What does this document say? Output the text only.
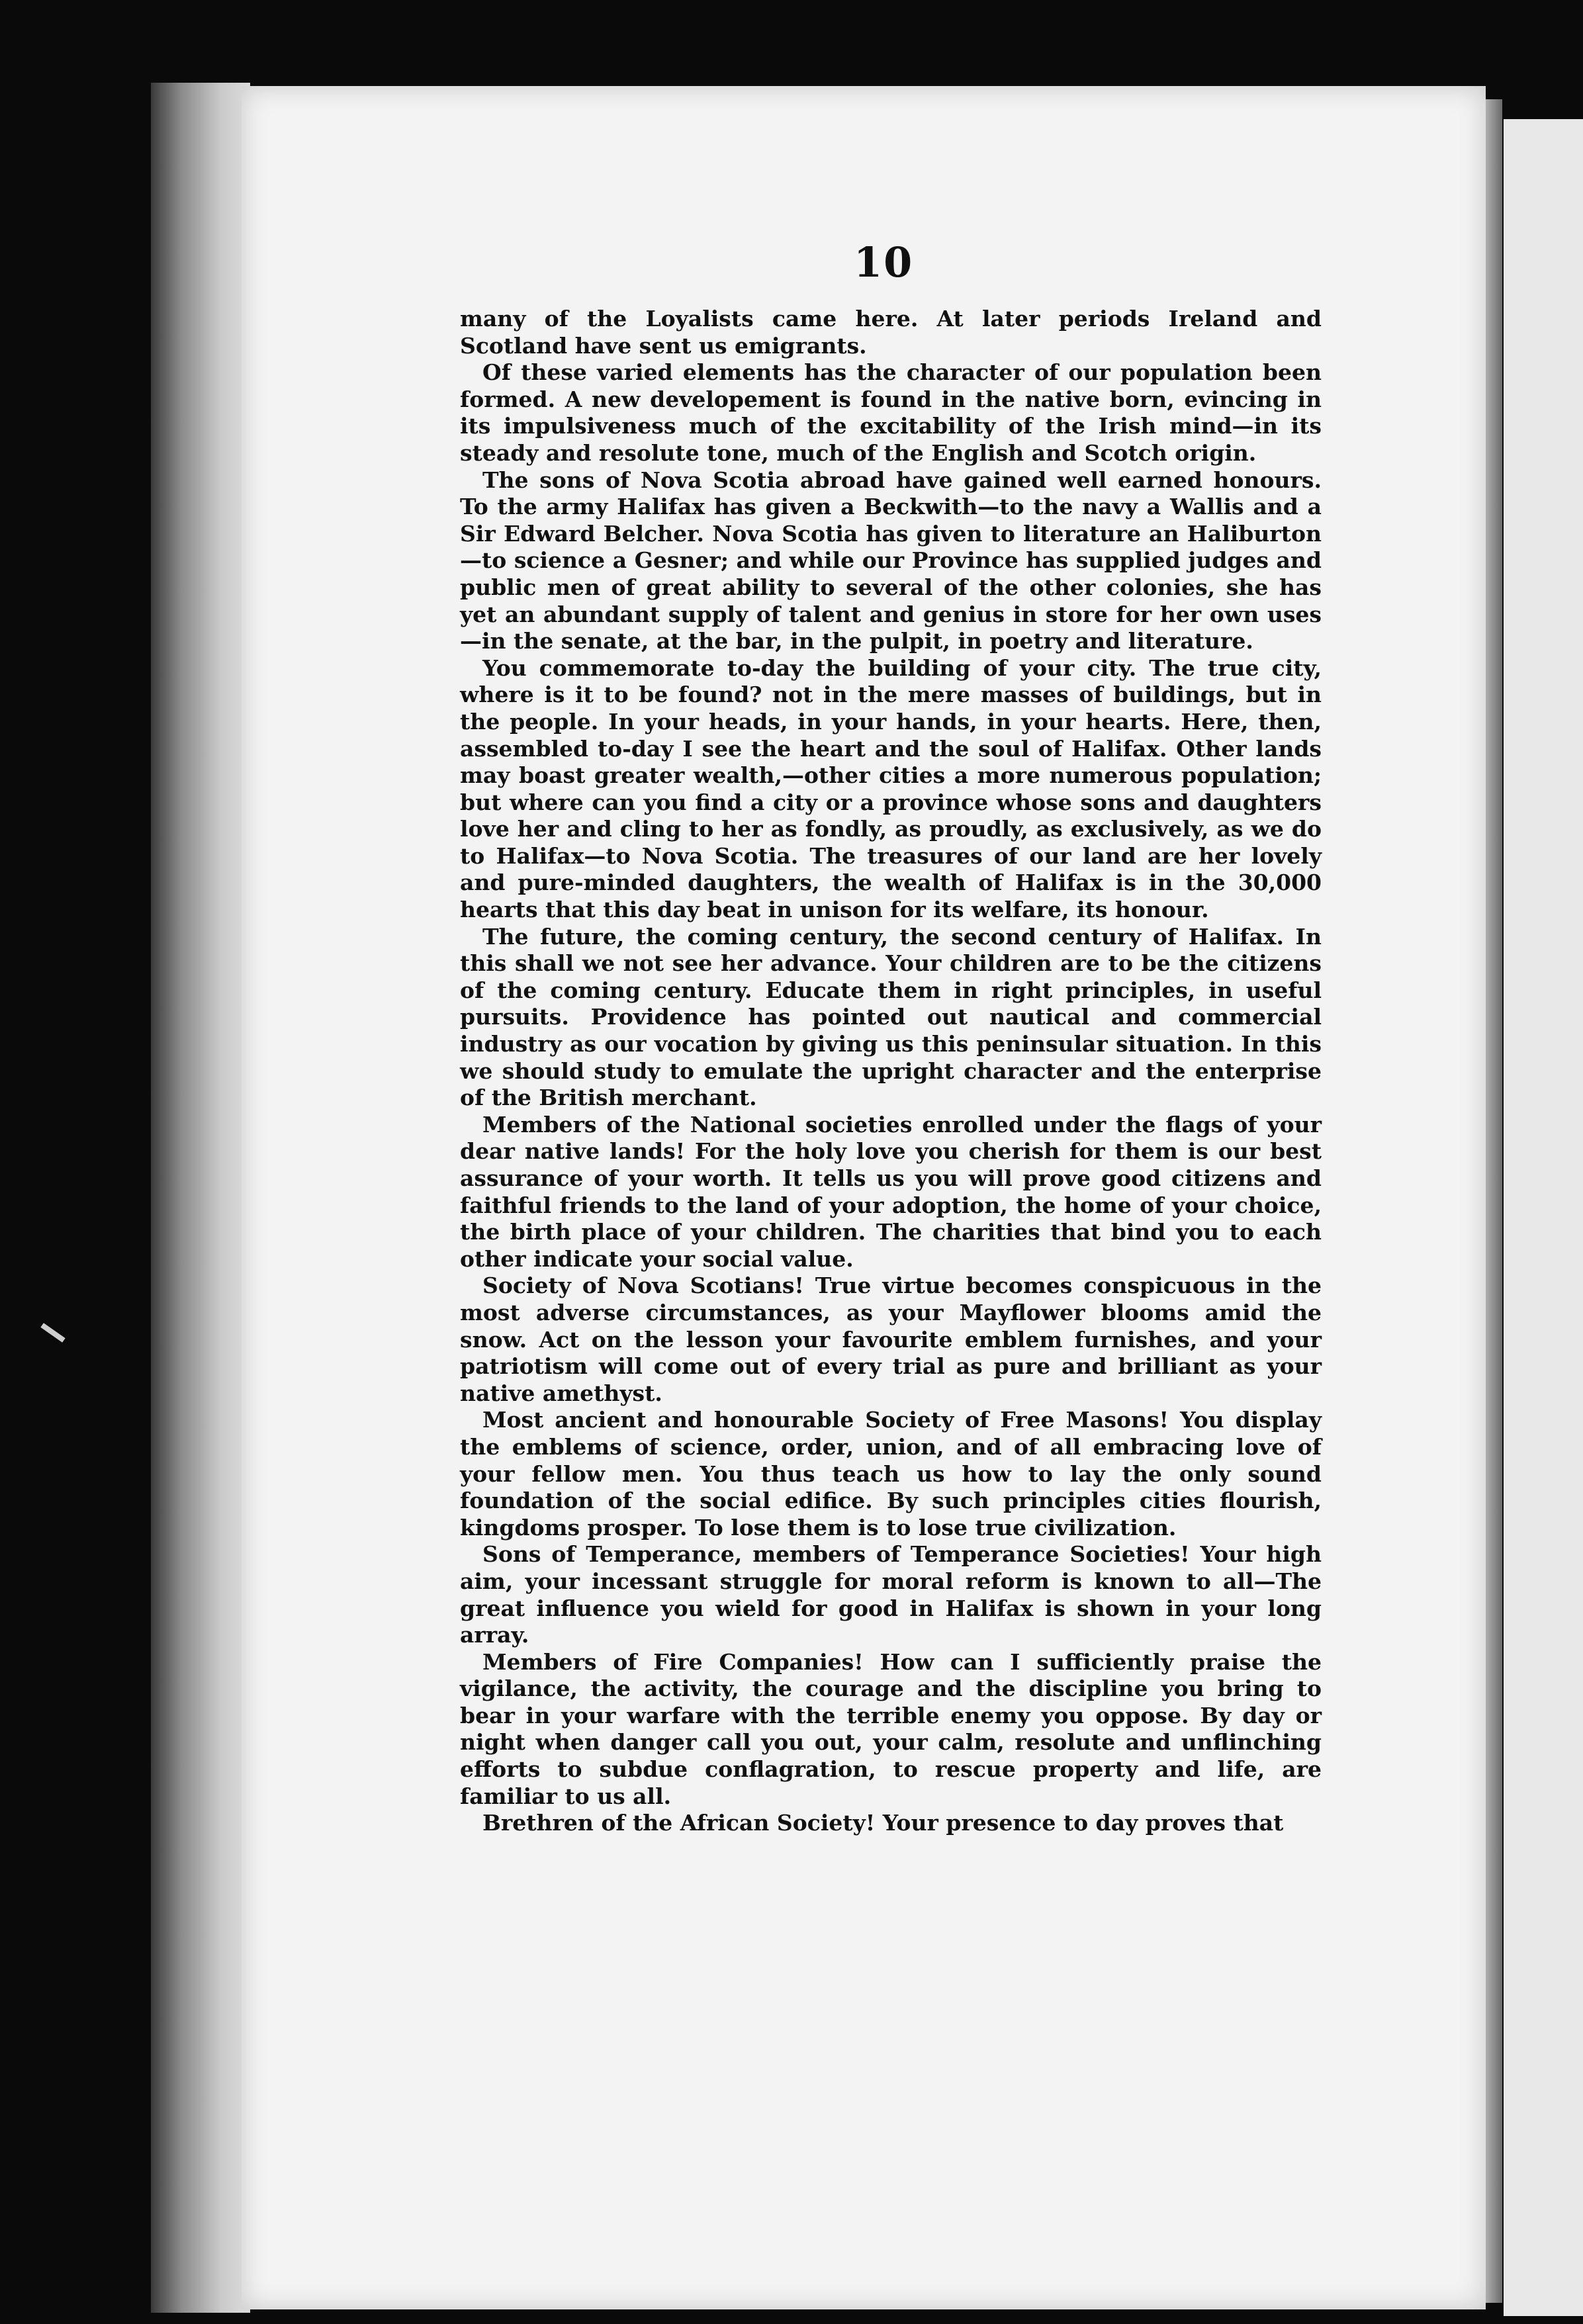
10

many of the Loyalists came here. At later periods Ireland and Scotland have sent us emigrants.

Of these varied elements has the character of our population been formed. A new developement is found in the native born, evincing in its impulsiveness much of the excitability of the Irish mind—in its steady and resolute tone, much of the English and Scotch origin.

The sons of Nova Scotia abroad have gained well earned honours. To the army Halifax has given a Beckwith—to the navy a Wallis and a Sir Edward Belcher. Nova Scotia has given to literature an Haliburton—to science a Gesner; and while our Province has supplied judges and public men of great ability to several of the other colonies, she has yet an abundant supply of talent and genius in store for her own uses—in the senate, at the bar, in the pulpit, in poetry and literature.

You commemorate to-day the building of your city. The true city, where is it to be found? not in the mere masses of buildings, but in the people. In your heads, in your hands, in your hearts. Here, then, assembled to-day I see the heart and the soul of Halifax. Other lands may boast greater wealth,—other cities a more numerous population; but where can you find a city or a province whose sons and daughters love her and cling to her as fondly, as proudly, as exclusively, as we do to Halifax—to Nova Scotia. The treasures of our land are her lovely and pure-minded daughters, the wealth of Halifax is in the 30,000 hearts that this day beat in unison for its welfare, its honour.

The future, the coming century, the second century of Halifax. In this shall we not see her advance. Your children are to be the citizens of the coming century. Educate them in right principles, in useful pursuits. Providence has pointed out nautical and commercial industry as our vocation by giving us this peninsular situation. In this we should study to emulate the upright character and the enterprise of the British merchant.

Members of the National societies enrolled under the flags of your dear native lands! For the holy love you cherish for them is our best assurance of your worth. It tells us you will prove good citizens and faithful friends to the land of your adoption, the home of your choice, the birth place of your children. The charities that bind you to each other indicate your social value.

Society of Nova Scotians! True virtue becomes conspicuous in the most adverse circumstances, as your Mayflower blooms amid the snow. Act on the lesson your favourite emblem furnishes, and your patriotism will come out of every trial as pure and brilliant as your native amethyst.

Most ancient and honourable Society of Free Masons! You display the emblems of science, order, union, and of all embracing love of your fellow men. You thus teach us how to lay the only sound foundation of the social edifice. By such principles cities flourish, kingdoms prosper. To lose them is to lose true civilization.

Sons of Temperance, members of Temperance Societies! Your high aim, your incessant struggle for moral reform is known to all—The great influence you wield for good in Halifax is shown in your long array.

Members of Fire Companies! How can I sufficiently praise the vigilance, the activity, the courage and the discipline you bring to bear in your warfare with the terrible enemy you oppose. By day or night when danger call you out, your calm, resolute and unflinching efforts to subdue conflagration, to rescue property and life, are familiar to us all.

Brethren of the African Society! Your presence to day proves that
